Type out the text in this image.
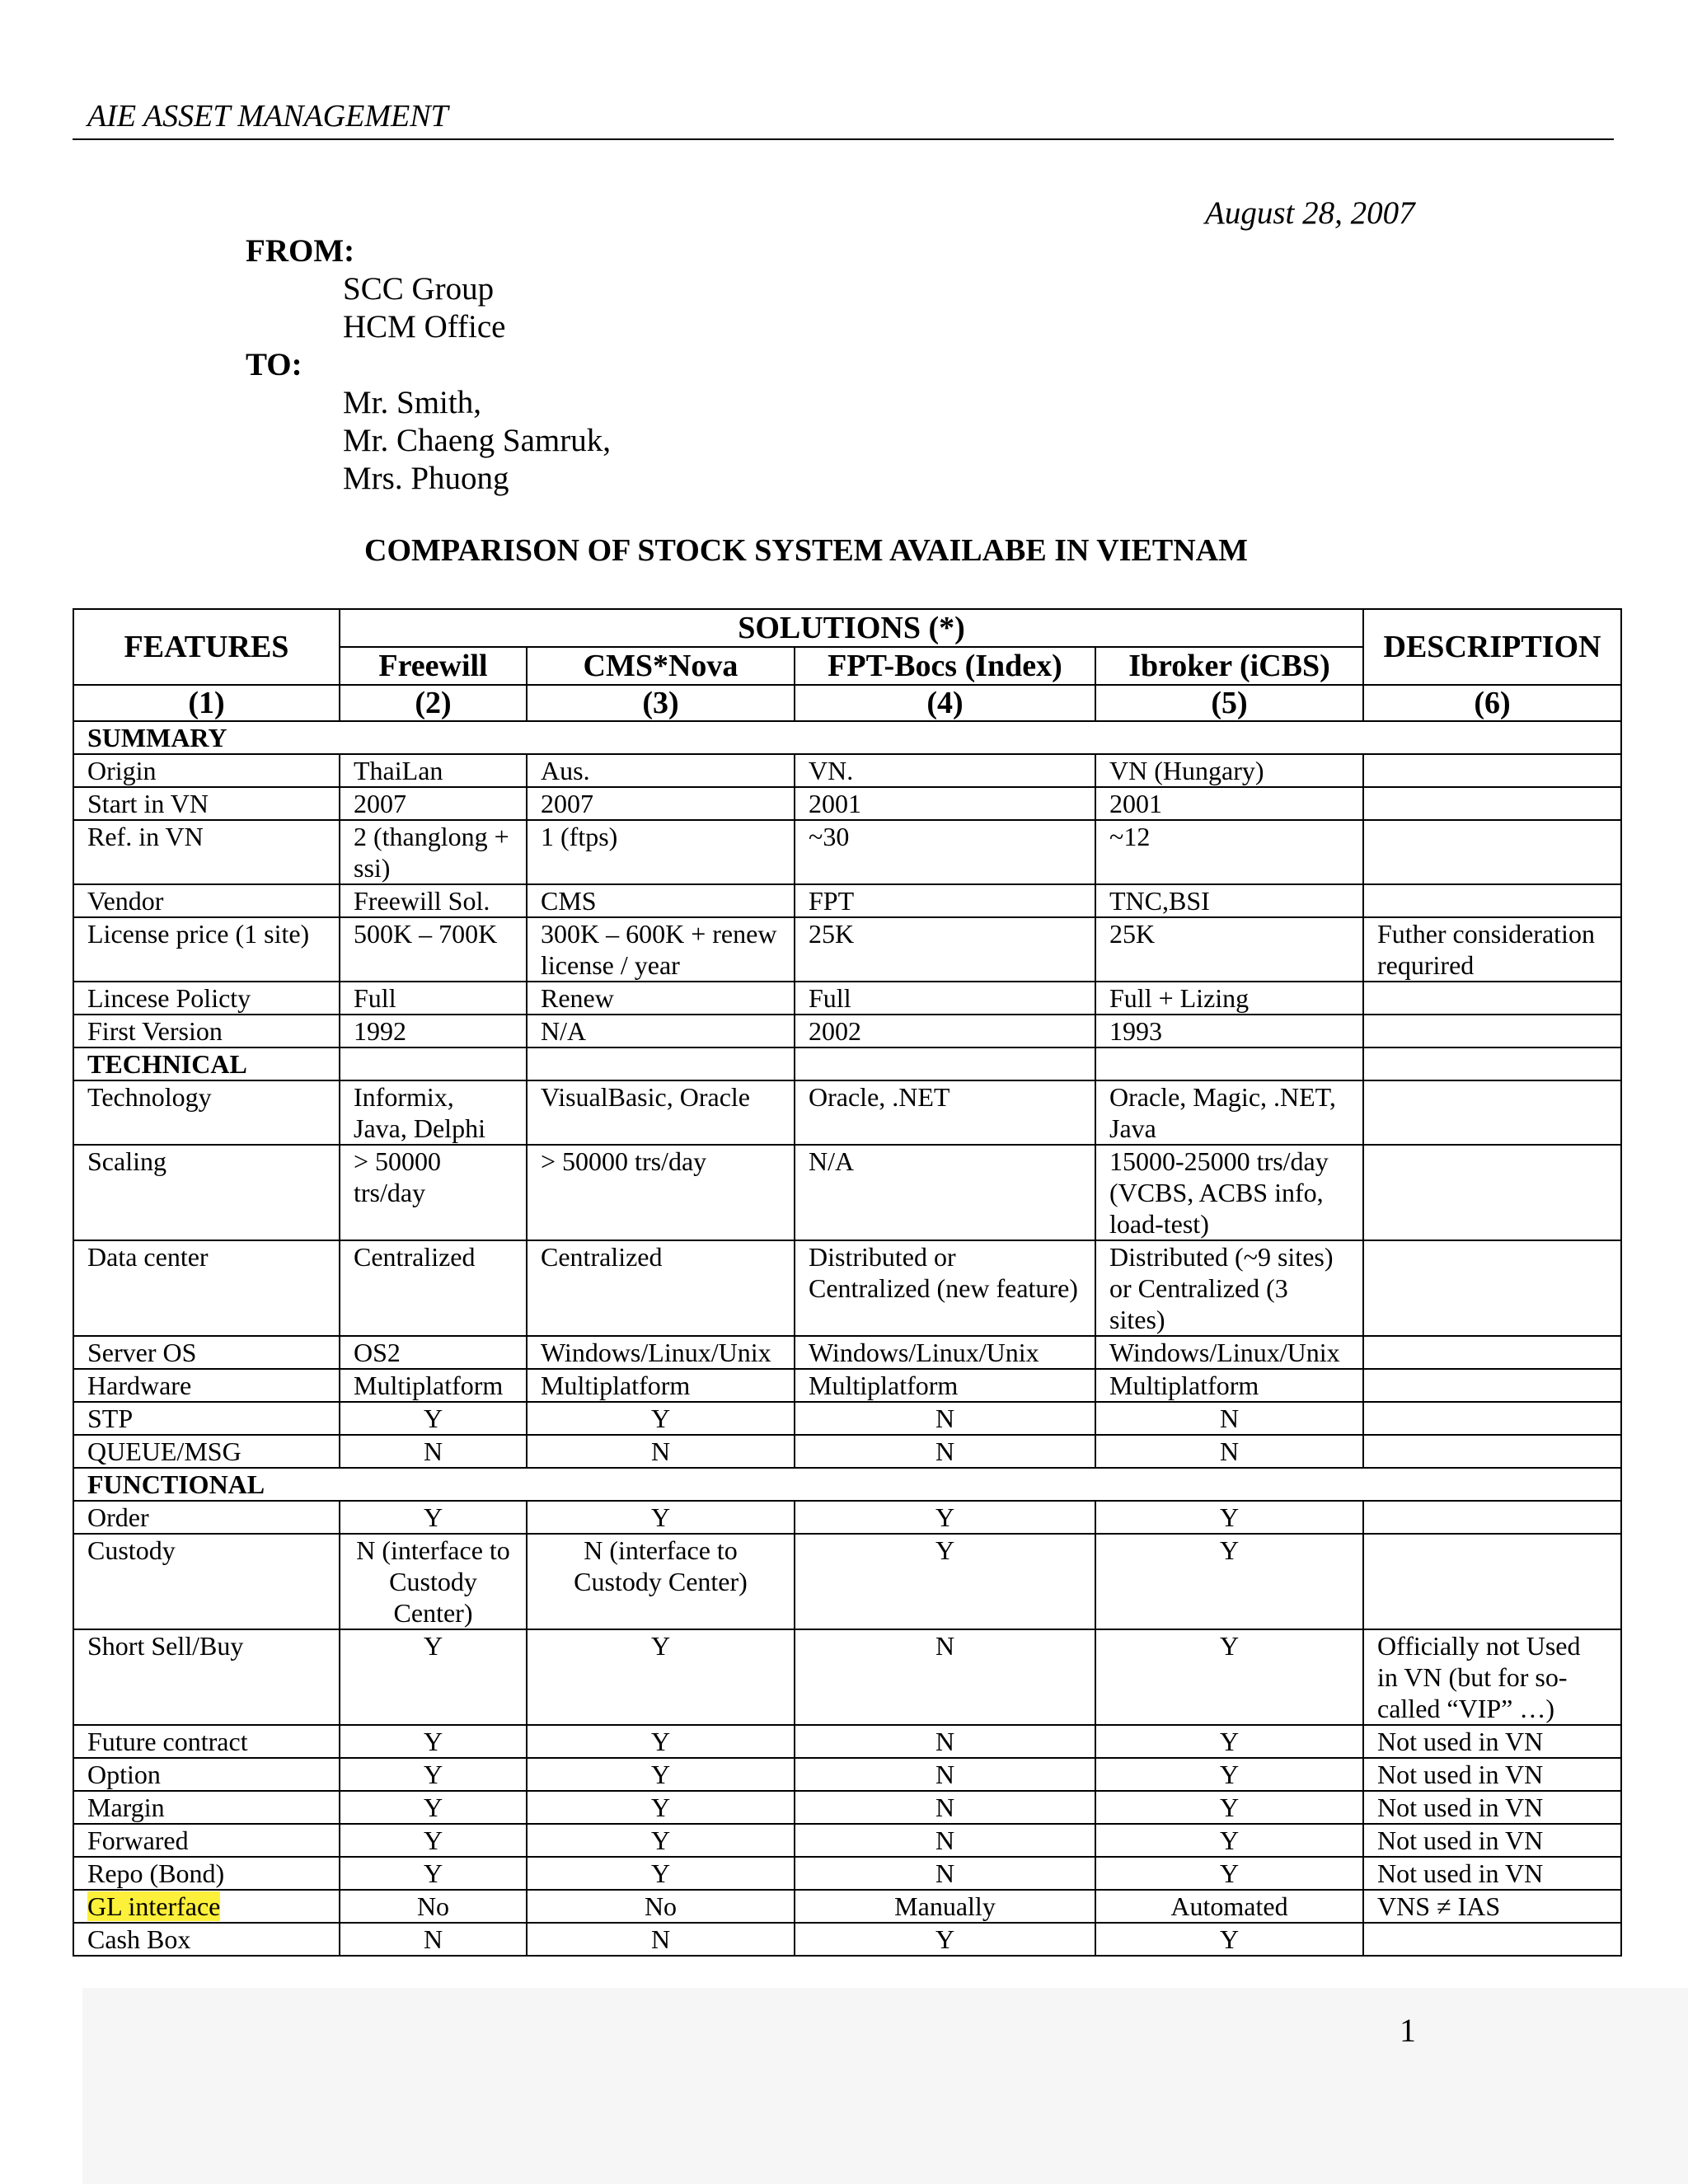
AIE ASSET MANAGEMENT
August 28, 2007
FROM:
SCC Group
HCM Office
TO:
Mr. Smith,
Mr. Chaeng Samruk,
Mrs. Phuong
COMPARISON OF STOCK SYSTEM AVAILABE IN VIETNAM
FEATURES	SOLUTIONS (*)				DESCRIPTION
	Freewill	CMS*Nova	FPT-Bocs (Index)	Ibroker (iCBS)	
(1)	(2)	(3)	(4)	(5)	(6)
SUMMARY					
Origin	ThaiLan	Aus.	VN.	VN (Hungary)	
Start in VN	2007	2007	2001	2001	
Ref. in VN	2 (thanglong + ssi)	1 (ftps)	~30	~12	
Vendor	Freewill Sol.	CMS	FPT	TNC,BSI	
License price (1 site)	500K – 700K	300K – 600K + renew license / year	25K	25K	Futher consideration requrired
Lincese Policty	Full	Renew	Full	Full + Lizing	
First Version	1992	N/A	2002	1993	
TECHNICAL					
Technology	Informix, Java, Delphi	VisualBasic, Oracle	Oracle, .NET	Oracle, Magic, .NET, Java	
Scaling	> 50000 trs/day	> 50000 trs/day	N/A	15000-25000 trs/day (VCBS, ACBS info, load-test)	
Data center	Centralized	Centralized	Distributed or Centralized (new feature)	Distributed (~9 sites) or Centralized (3 sites)	
Server OS	OS2	Windows/Linux/Unix	Windows/Linux/Unix	Windows/Linux/Unix	
Hardware	Multiplatform	Multiplatform	Multiplatform	Multiplatform	
STP	Y	Y	N	N	
QUEUE/MSG	N	N	N	N	
FUNCTIONAL					
Order	Y	Y	Y	Y	
Custody	N (interface to Custody Center)	N (interface to Custody Center)	Y	Y	
Short Sell/Buy	Y	Y	N	Y	Officially not Used in VN (but for so-called “VIP” …)
Future contract	Y	Y	N	Y	Not used in VN
Option	Y	Y	N	Y	Not used in VN
Margin	Y	Y	N	Y	Not used in VN
Forwared	Y	Y	N	Y	Not used in VN
Repo (Bond)	Y	Y	N	Y	Not used in VN
GL interface	No	No	Manually	Automated	VNS ≠ IAS
Cash Box	N	N	Y	Y	
1
